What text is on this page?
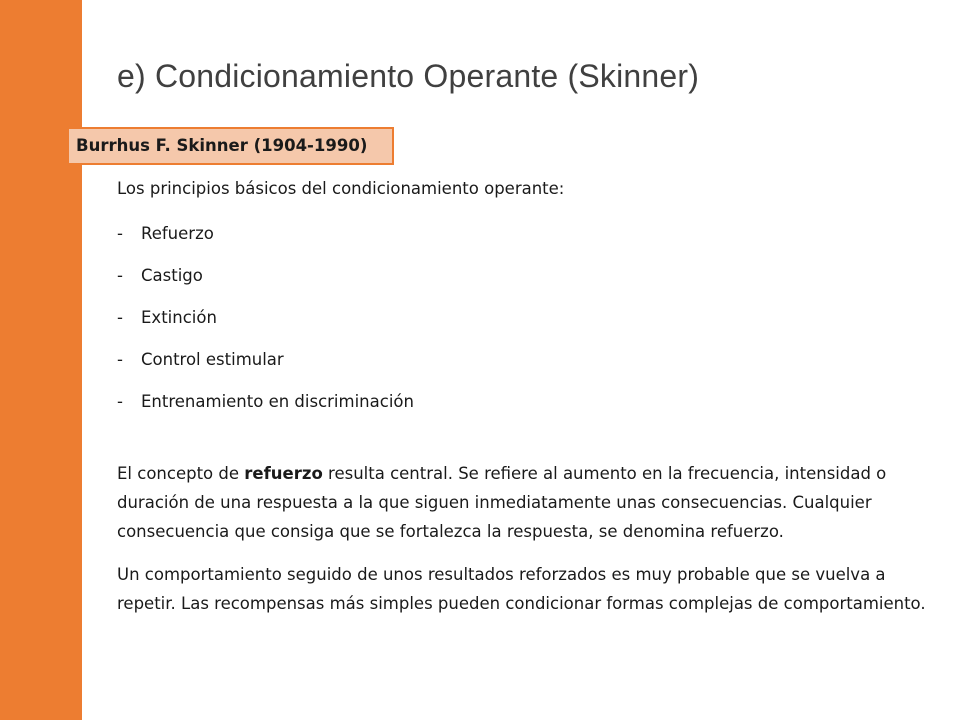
e) Condicionamiento Operante (Skinner)
Burrhus F. Skinner (1904-1990)

Los principios básicos del condicionamiento operante:

- Refuerzo
- Castigo
- Extinción
- Control estimular
- Entrenamiento en discriminación

El concepto de refuerzo resulta central. Se refiere al aumento en la frecuencia, intensidad o duración de una respuesta a la que siguen inmediatamente unas consecuencias. Cualquier consecuencia que consiga que se fortalezca la respuesta, se denomina refuerzo.

Un comportamiento seguido de unos resultados reforzados es muy probable que se vuelva a repetir. Las recompensas más simples pueden condicionar formas complejas de comportamiento.
